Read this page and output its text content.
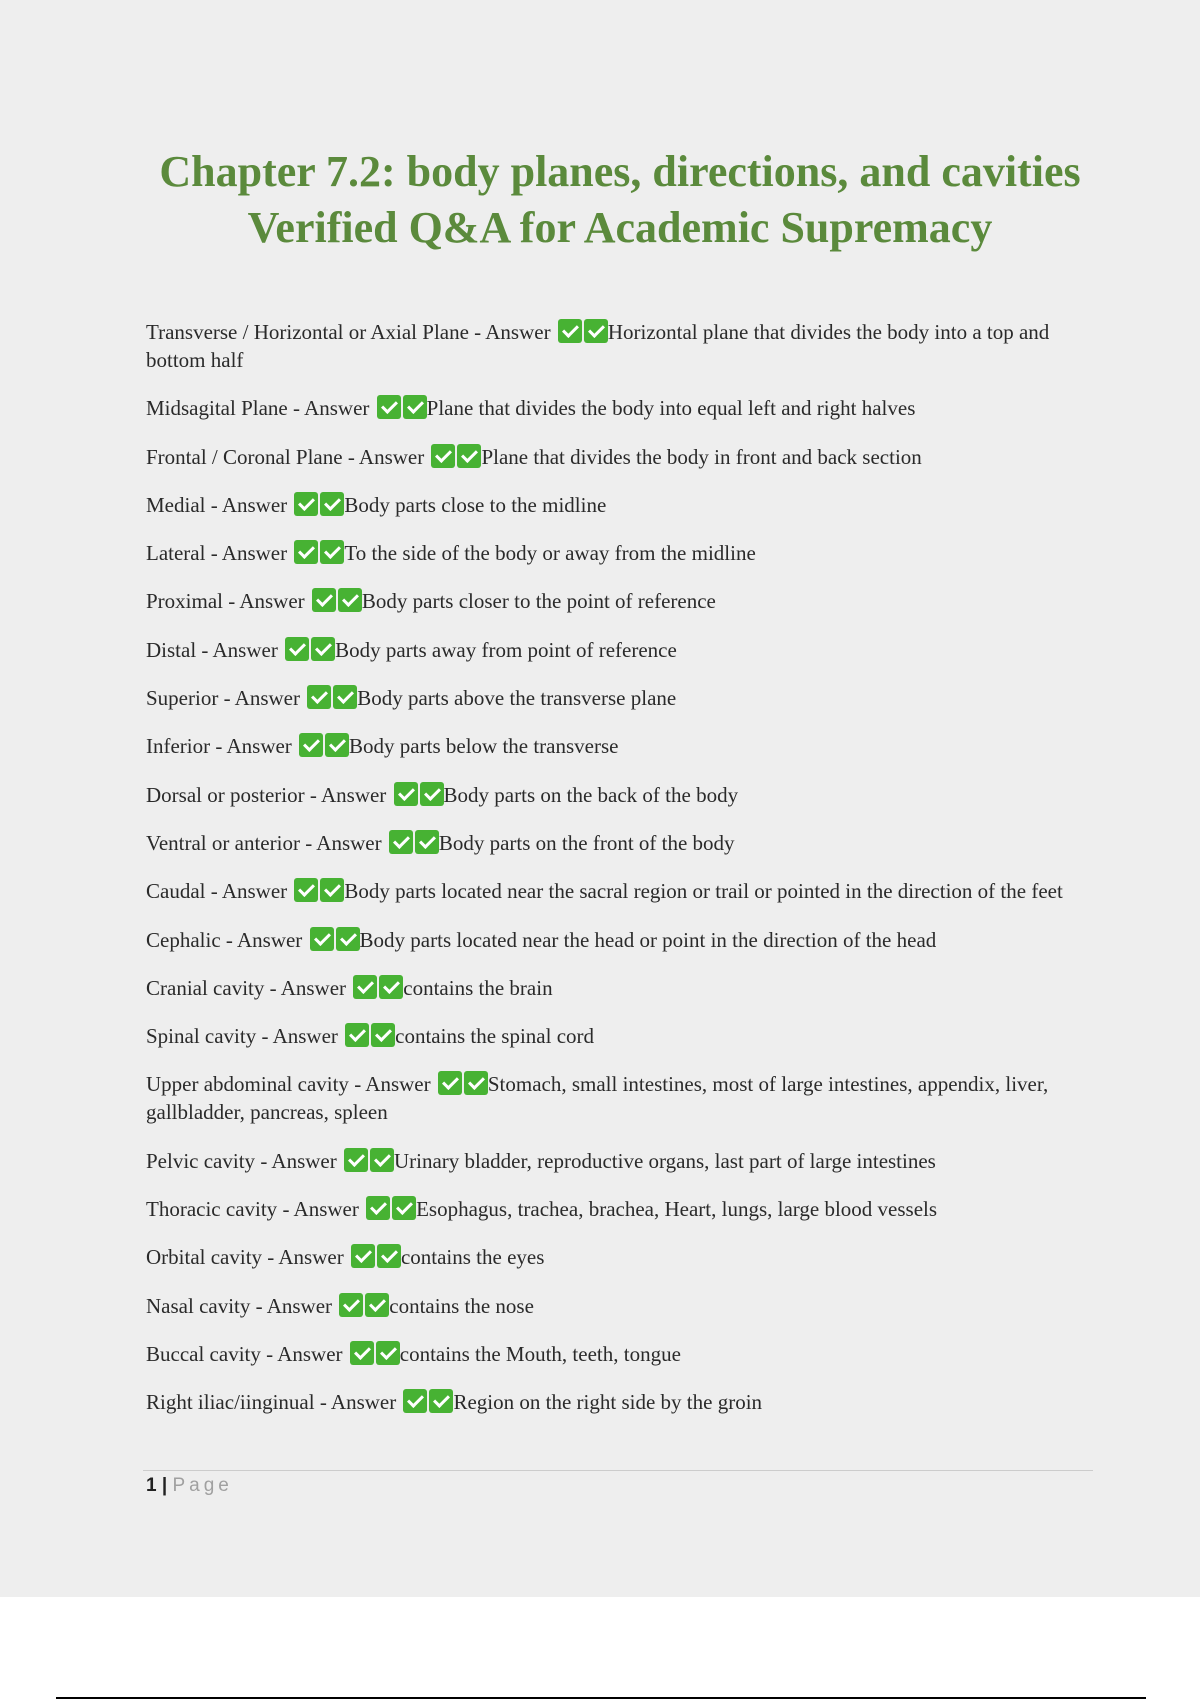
Chapter 7.2: body planes, directions, and cavities
Verified Q&A for Academic Supremacy
Transverse / Horizontal or Axial Plane - Answer	Horizontal plane that divides the body into a top and bottom half
Midsagital Plane - Answer	Plane that divides the body into equal left and right halves
Frontal / Coronal Plane - Answer	Plane that divides the body in front and back section
Medial - Answer	Body parts close to the midline
Lateral - Answer	To the side of the body or away from the midline
Proximal - Answer	Body parts closer to the point of reference
Distal - Answer	Body parts away from point of reference
Superior - Answer	Body parts above the transverse plane
Inferior - Answer	Body parts below the transverse
Dorsal or posterior - Answer	Body parts on the back of the body
Ventral or anterior - Answer	Body parts on the front of the body
Caudal - Answer	Body parts located near the sacral region or trail or pointed in the direction of the feet
Cephalic - Answer	Body parts located near the head or point in the direction of the head
Cranial cavity - Answer	contains the brain
Spinal cavity - Answer	contains the spinal cord
Upper abdominal cavity - Answer	Stomach, small intestines, most of large intestines, appendix, liver, gallbladder, pancreas, spleen
Pelvic cavity - Answer	Urinary bladder, reproductive organs, last part of large intestines
Thoracic cavity - Answer	Esophagus, trachea, brachea, Heart, lungs, large blood vessels
Orbital cavity - Answer	contains the eyes
Nasal cavity - Answer	contains the nose
Buccal cavity - Answer	contains the Mouth, teeth, tongue
Right iliac/iinginual - Answer	Region on the right side by the groin
1 | Page
